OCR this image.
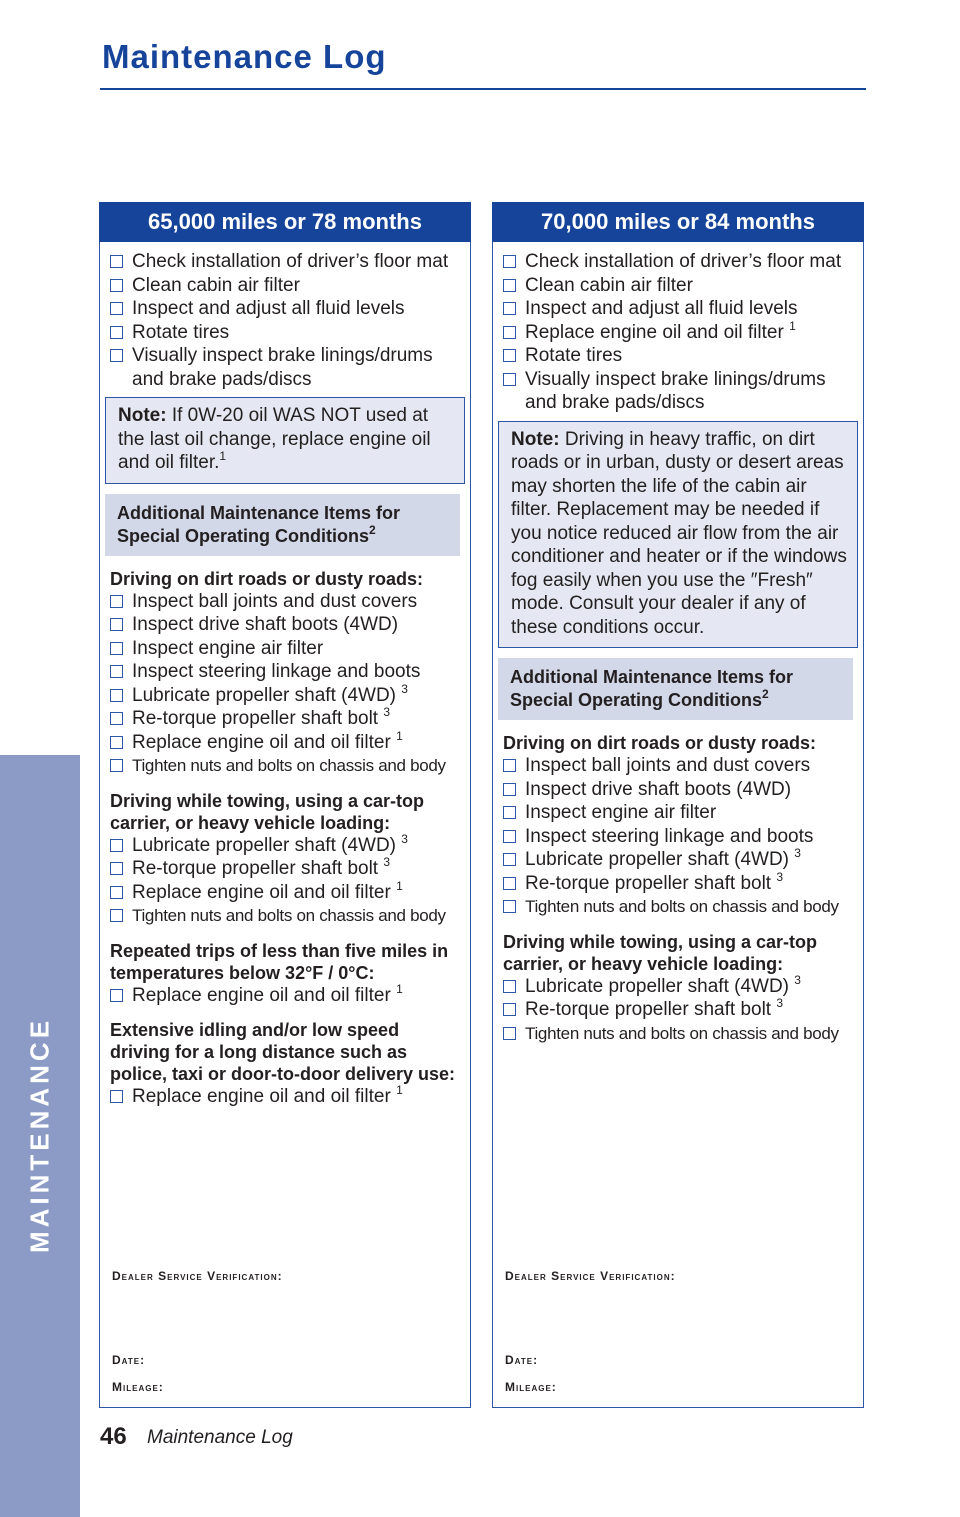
MAINTENANCE
Maintenance Log
65,000 miles or 78 months
Check installation of driver’s floor mat
Clean cabin air filter
Inspect and adjust all fluid levels
Rotate tires
Visually inspect brake linings/drums and brake pads/discs
Note: If 0W-20 oil WAS NOT used at the last oil change, replace engine oil and oil filter.$^1$
Additional Maintenance Items for Special Operating Conditions$^2$
Driving on dirt roads or dusty roads:
Inspect ball joints and dust covers
Inspect drive shaft boots (4WD)
Inspect engine air filter
Inspect steering linkage and boots
Lubricate propeller shaft (4WD) $^3$
Re-torque propeller shaft bolt $^3$
Replace engine oil and oil filter $^1$
Tighten nuts and bolts on chassis and body
Driving while towing, using a car-top carrier, or heavy vehicle loading:
Lubricate propeller shaft (4WD) $^3$
Re-torque propeller shaft bolt $^3$
Replace engine oil and oil filter $^1$
Tighten nuts and bolts on chassis and body
Repeated trips of less than five miles in temperatures below 32°F / 0°C:
Replace engine oil and oil filter $^1$
Extensive idling and/or low speed driving for a long distance such as police, taxi or door-to-door delivery use:
Replace engine oil and oil filter $^1$
Dealer Service Verification:
Date:
Mileage:
70,000 miles or 84 months
Check installation of driver’s floor mat
Clean cabin air filter
Inspect and adjust all fluid levels
Replace engine oil and oil filter $^1$
Rotate tires
Visually inspect brake linings/drums and brake pads/discs
Note: Driving in heavy traffic, on dirt roads or in urban, dusty or desert areas may shorten the life of the cabin air filter. Replacement may be needed if you notice reduced air flow from the air conditioner and heater or if the windows fog easily when you use the ″Fresh″ mode. Consult your dealer if any of these conditions occur.
Additional Maintenance Items for Special Operating Conditions$^2$
Driving on dirt roads or dusty roads:
Inspect ball joints and dust covers
Inspect drive shaft boots (4WD)
Inspect engine air filter
Inspect steering linkage and boots
Lubricate propeller shaft (4WD) $^3$
Re-torque propeller shaft bolt $^3$
Tighten nuts and bolts on chassis and body
Driving while towing, using a car-top carrier, or heavy vehicle loading:
Lubricate propeller shaft (4WD) $^3$
Re-torque propeller shaft bolt $^3$
Tighten nuts and bolts on chassis and body
Dealer Service Verification:
Date:
Mileage:
46 Maintenance Log
